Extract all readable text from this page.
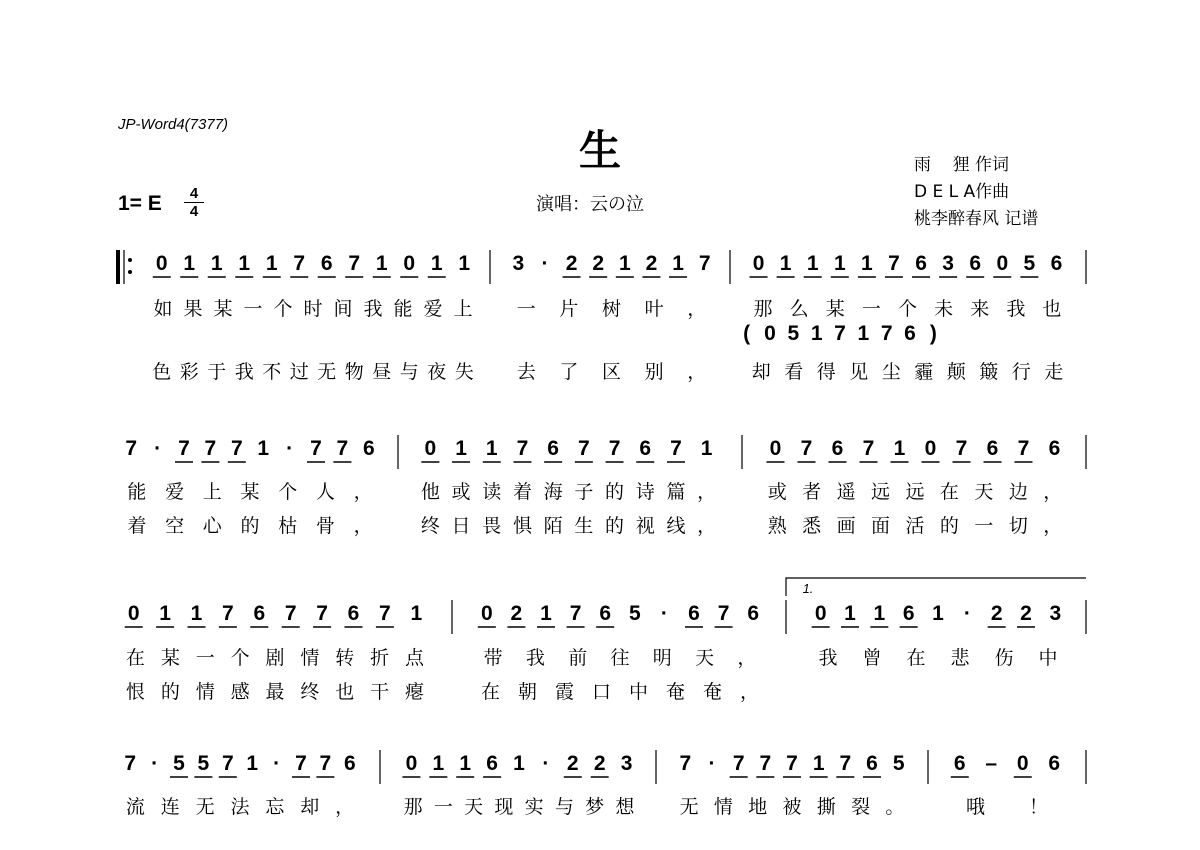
JP-Word4(7377)
生
演唱：云の泣
雨    狸 作词
D E L A作曲
桃李醉春风 记谱
1= E	4
4
0 1 1 1 1 7 6 7 1 0 1 1
如 果 某 一 个 时 间 我 能 爱 上
色 彩 于 我 不 过 无 物 昼 与 夜 失
3 · 2 2 1 2 1 7
一 片 树 叶 ，
去 了 区 别 ，
0 1 1 1 1 7 6 3 6 0 5 6
那 么 某 一 个 未 来 我 也
却 看 得 见 尘 霾 颠 簸 行 走
( 0 5 1 7 1 7 6 )
7 · 7 7 7 1 · 7 7 6
能 爱 上 某 个 人 ，
着 空 心 的 枯 骨 ，
0 1 1 7 6 7 7 6 7 1
他 或 读 着 海 子 的 诗 篇 ，
终 日 畏 惧 陌 生 的 视 线 ，
0 7 6 7 1 0 7 6 7 6
或 者 遥 远 远 在 天 边 ，
熟 悉 画 面 活 的 一 切 ，
1.
0 1 1 7 6 7 7 6 7 1
在 某 一 个 剧 情 转 折 点
恨 的 情 感 最 终 也 干 瘪
0 2 1 7 6 5 · 6 7 6
带 我 前 往 明 天 ，
在 朝 霞 口 中 奄 奄 ，
0 1 1 6 1 · 2 2 3
我 曾 在 悲 伤 中
7 · 5 5 7 1 · 7 7 6
流 连 无 法 忘 却 ，
0 1 1 6 1 · 2 2 3
那 一 天 现 实 与 梦 想
7 · 7 7 7 1 7 6 5
无 情 地 被 撕 裂 。
6 – 0 6
哦 ！
